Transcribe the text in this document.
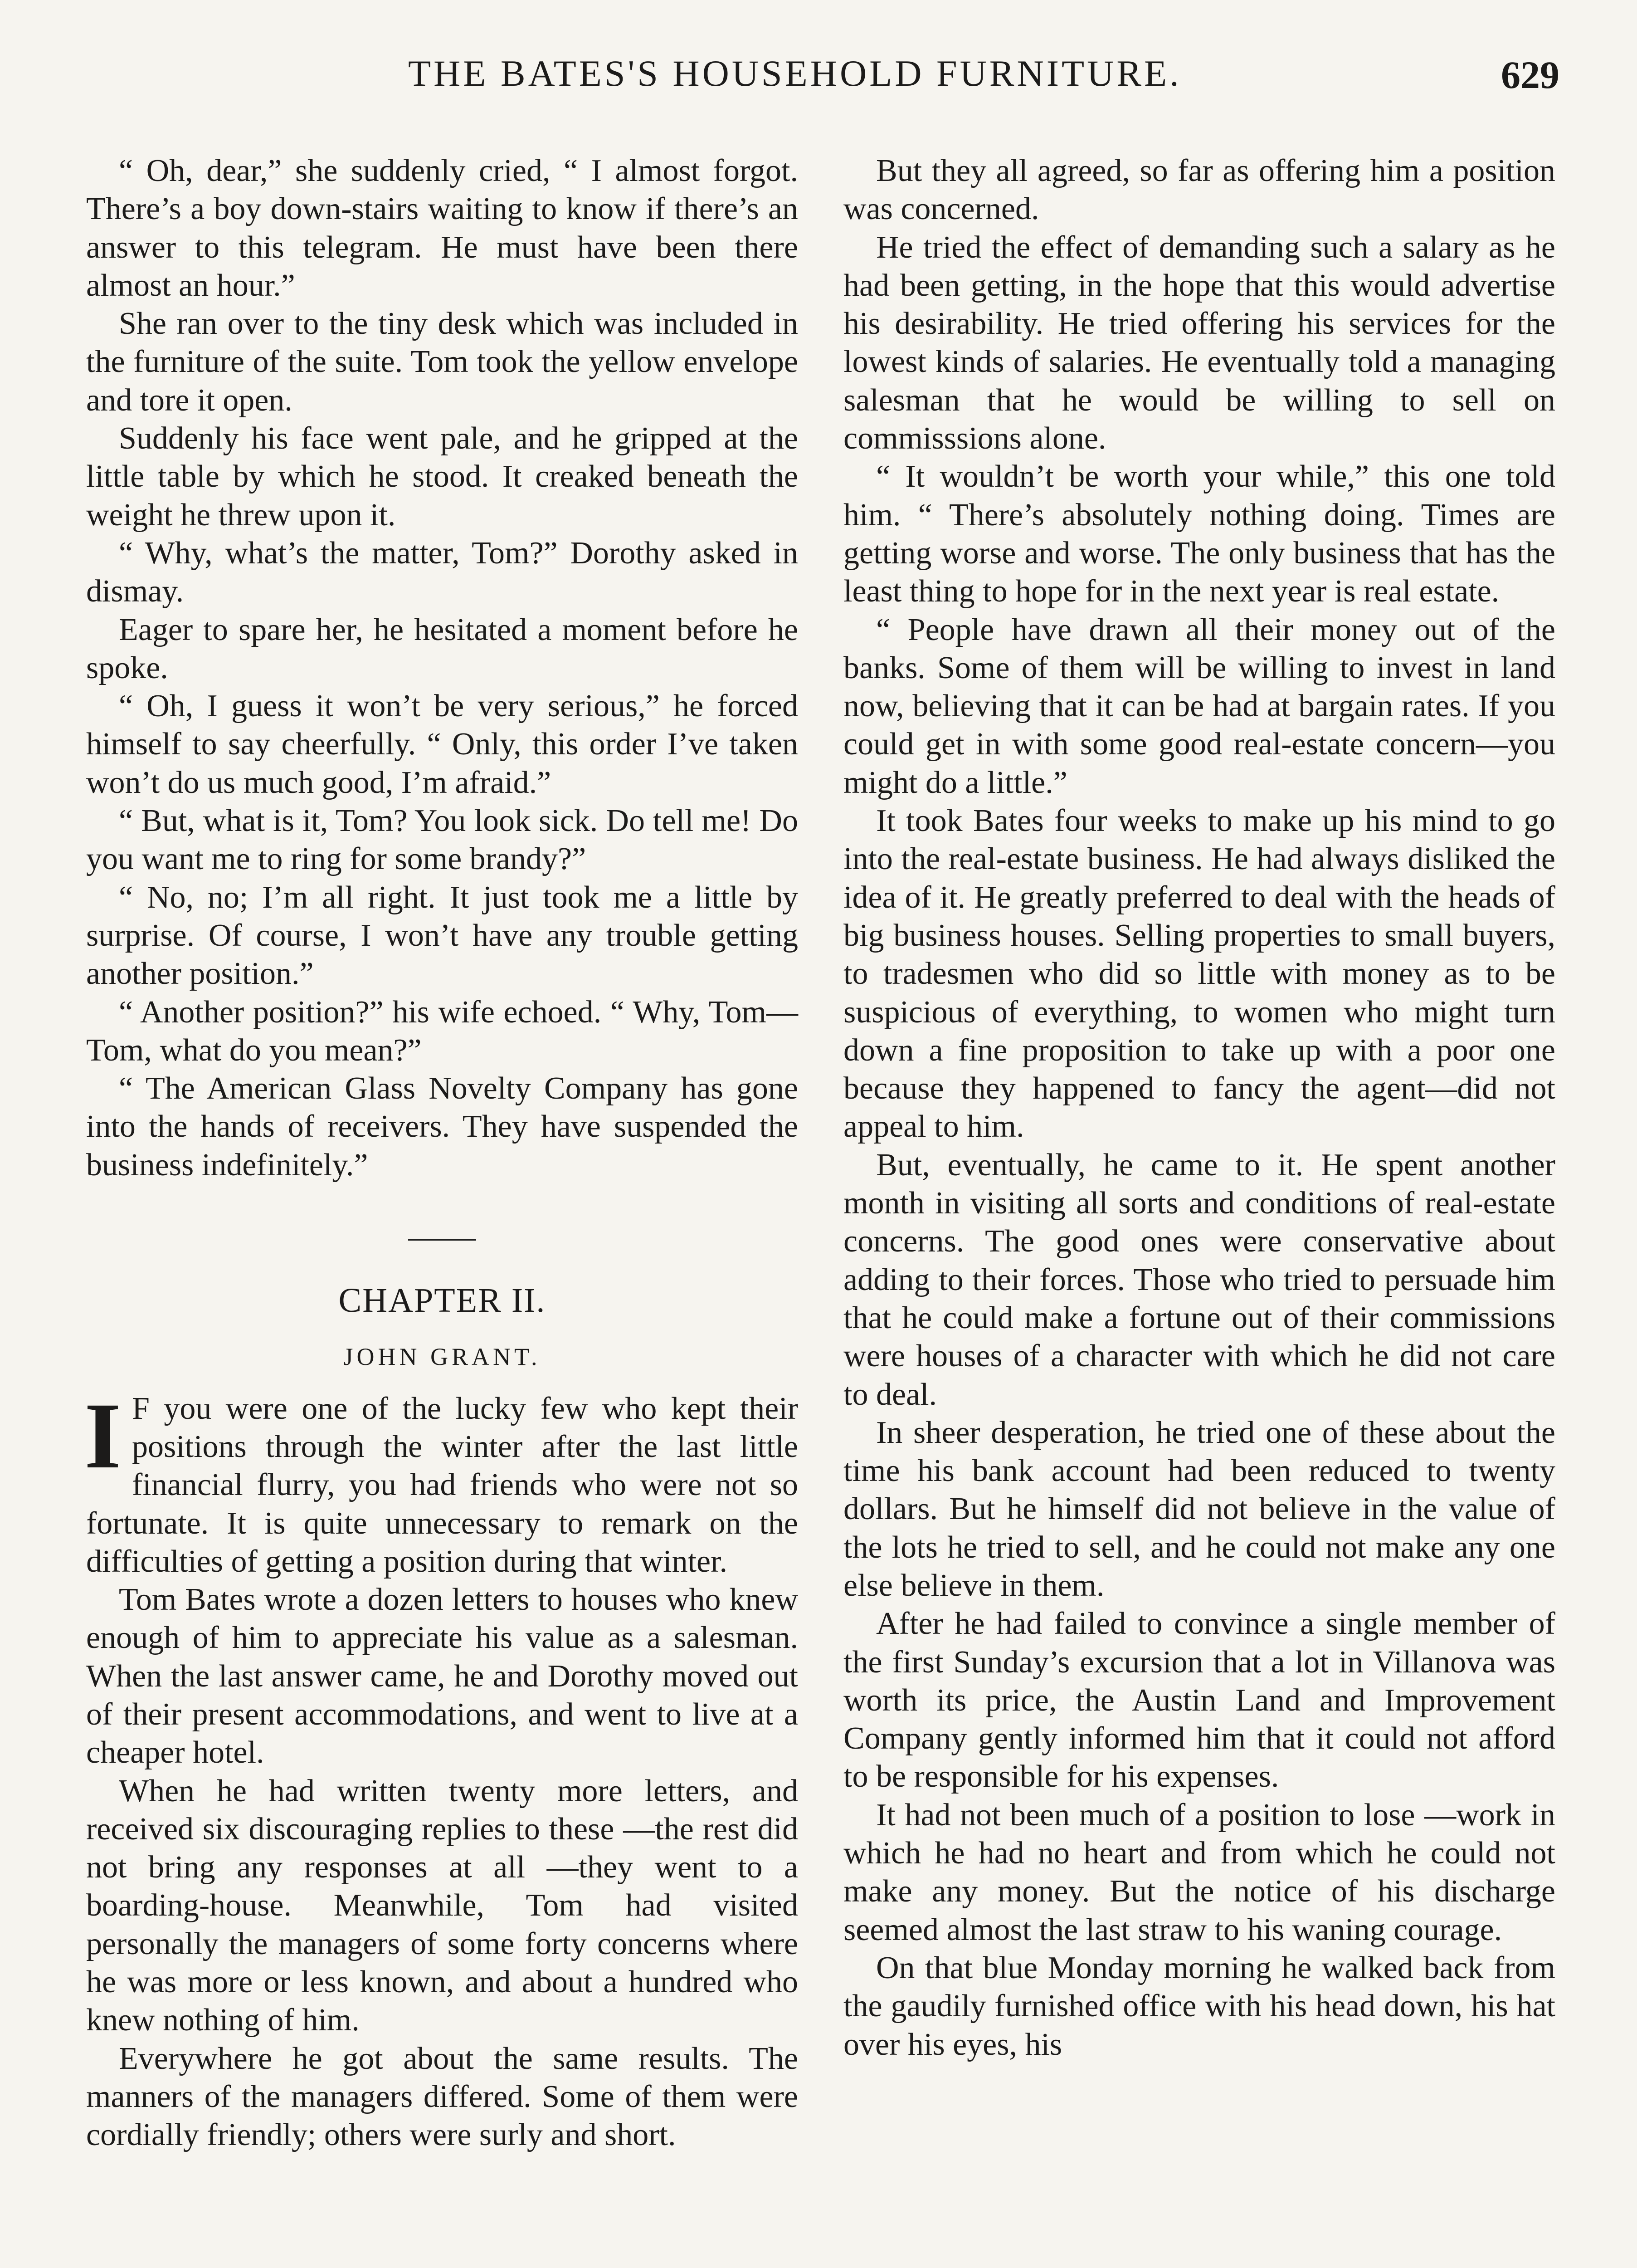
THE BATES'S HOUSEHOLD FURNITURE.	629

“ Oh, dear,” she suddenly cried, “ I almost forgot. There’s a boy down-stairs waiting to know if there’s an answer to this telegram. He must have been there almost an hour.”

She ran over to the tiny desk which was included in the furniture of the suite. Tom took the yellow envelope and tore it open.

Suddenly his face went pale, and he gripped at the little table by which he stood. It creaked beneath the weight he threw upon it.

“ Why, what’s the matter, Tom?” Dorothy asked in dismay.

Eager to spare her, he hesitated a moment before he spoke.

“ Oh, I guess it won’t be very serious,” he forced himself to say cheerfully. “ Only, this order I’ve taken won’t do us much good, I’m afraid.”

“ But, what is it, Tom? You look sick. Do tell me! Do you want me to ring for some brandy?”

“ No, no; I’m all right. It just took me a little by surprise. Of course, I won’t have any trouble getting another position.”

“ Another position?” his wife echoed. “ Why, Tom—Tom, what do you mean?”

“ The American Glass Novelty Company has gone into the hands of receivers. They have suspended the business indefinitely.”

CHAPTER II.
JOHN GRANT.

I F you were one of the lucky few who kept their positions through the winter after the last little financial flurry, you had friends who were not so fortunate. It is quite unnecessary to remark on the difficulties of getting a position during that winter.

Tom Bates wrote a dozen letters to houses who knew enough of him to appreciate his value as a salesman. When the last answer came, he and Dorothy moved out of their present accommodations, and went to live at a cheaper hotel.

When he had written twenty more letters, and received six discouraging replies to these —the rest did not bring any responses at all —they went to a boarding-house. Meanwhile, Tom had visited personally the managers of some forty concerns where he was more or less known, and about a hundred who knew nothing of him.

Everywhere he got about the same results. The manners of the managers differed. Some of them were cordially friendly; others were surly and short.

But they all agreed, so far as offering him a position was concerned.

He tried the effect of demanding such a salary as he had been getting, in the hope that this would advertise his desirability. He tried offering his services for the lowest kinds of salaries. He eventually told a managing salesman that he would be willing to sell on commisssions alone.

“ It wouldn’t be worth your while,” this one told him. “ There’s absolutely nothing doing. Times are getting worse and worse. The only business that has the least thing to hope for in the next year is real estate.

“ People have drawn all their money out of the banks. Some of them will be willing to invest in land now, believing that it can be had at bargain rates. If you could get in with some good real-estate concern—you might do a little.”

It took Bates four weeks to make up his mind to go into the real-estate business. He had always disliked the idea of it. He greatly preferred to deal with the heads of big business houses. Selling properties to small buyers, to tradesmen who did so little with money as to be suspicious of everything, to women who might turn down a fine proposition to take up with a poor one because they happened to fancy the agent—did not appeal to him.

But, eventually, he came to it. He spent another month in visiting all sorts and conditions of real-estate concerns. The good ones were conservative about adding to their forces. Those who tried to persuade him that he could make a fortune out of their commissions were houses of a character with which he did not care to deal.

In sheer desperation, he tried one of these about the time his bank account had been reduced to twenty dollars. But he himself did not believe in the value of the lots he tried to sell, and he could not make any one else believe in them.

After he had failed to convince a single member of the first Sunday’s excursion that a lot in Villanova was worth its price, the Austin Land and Improvement Company gently informed him that it could not afford to be responsible for his expenses.

It had not been much of a position to lose —work in which he had no heart and from which he could not make any money. But the notice of his discharge seemed almost the last straw to his waning courage.

On that blue Monday morning he walked back from the gaudily furnished office with his head down, his hat over his eyes, his
